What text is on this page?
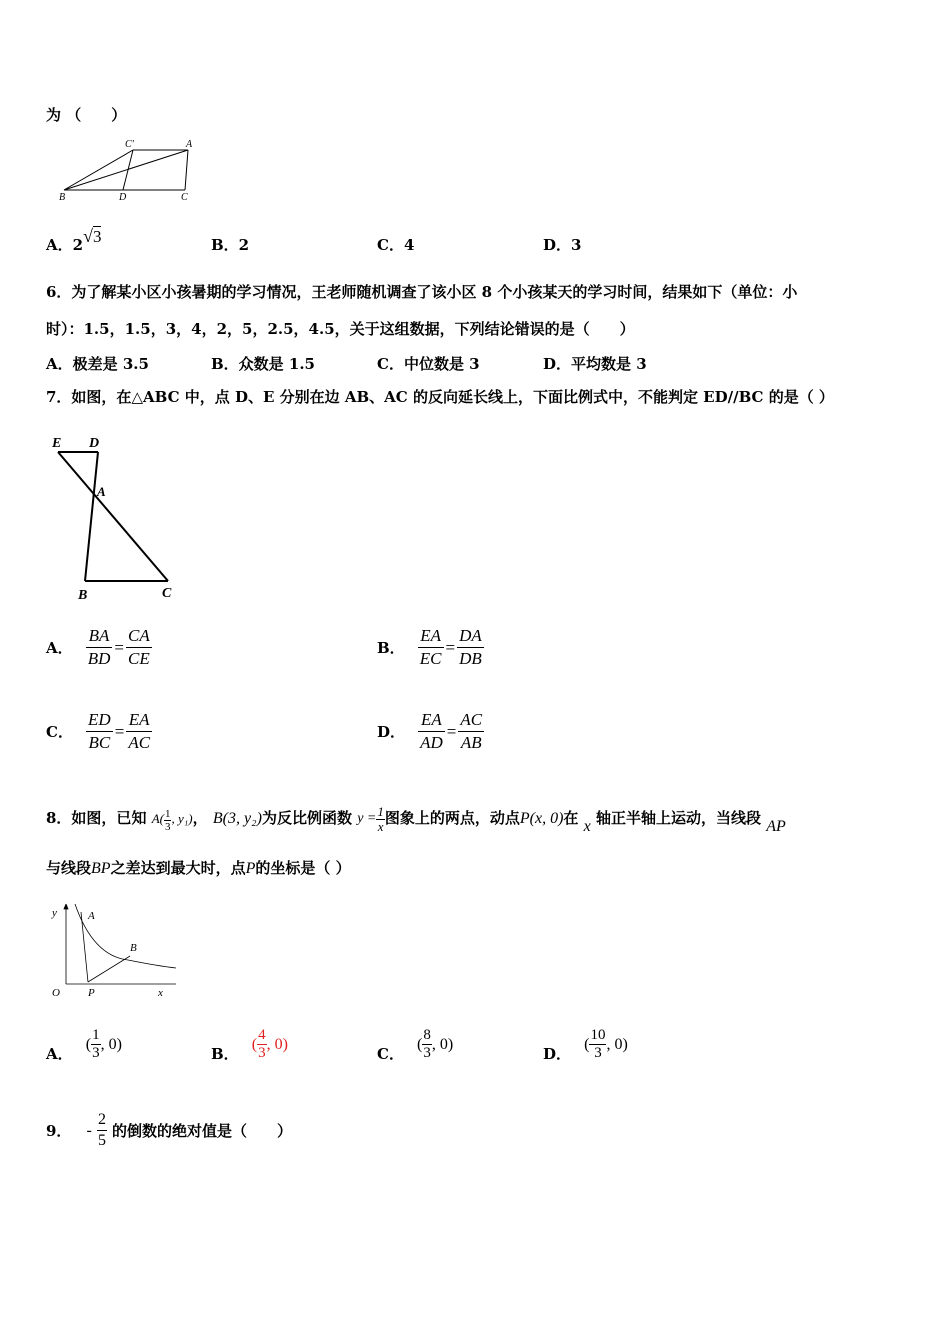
为 （　　）
C'	A
B	D	C
A．2√3	B．2	C．4	D．3
6．为了解某小区小孩暑期的学习情况，王老师随机调查了该小区 8 个小孩某天的学习时间，结果如下（单位：小
时）：1.5，1.5，3，4，2，5，2.5，4.5，关于这组数据，下列结论错误的是（　　）
A．极差是 3.5	B．众数是 1.5	C．中位数是 3	D．平均数是 3
7．如图，在△ABC 中，点 D、E 分别在边 AB、AC 的反向延长线上，下面比例式中，不能判定 ED//BC 的是（ ）
E D
A
B	C
A． $\frac{BA}{BD} = \frac{CA}{CE}$	B． $\frac{EA}{EC} = \frac{DA}{DB}$
C． $\frac{ED}{BC} = \frac{EA}{AC}$	D． $\frac{EA}{AD} = \frac{AC}{AB}$
8．如图，已知 $A( \frac{1}{3}$ , y₁)， B(3, y₂)为反比例函数 $y = \frac{1}{x}$ 图象上的两点，动点P(x, 0)在 x 轴正半轴上运动，当线段 AP
与线段BP之差达到最大时，点P的坐标是（ ）
y	A
B
O	P	x
A． ( $\frac{1}{3}$ , 0)
B． ( $\frac{4}{3}$ , 0)
C． ( $\frac{8}{3}$ , 0)
D． ( $\frac{10}{3}$ , 0)
9． - $\frac{2}{5}$ 的倒数的绝对值是（　　）
